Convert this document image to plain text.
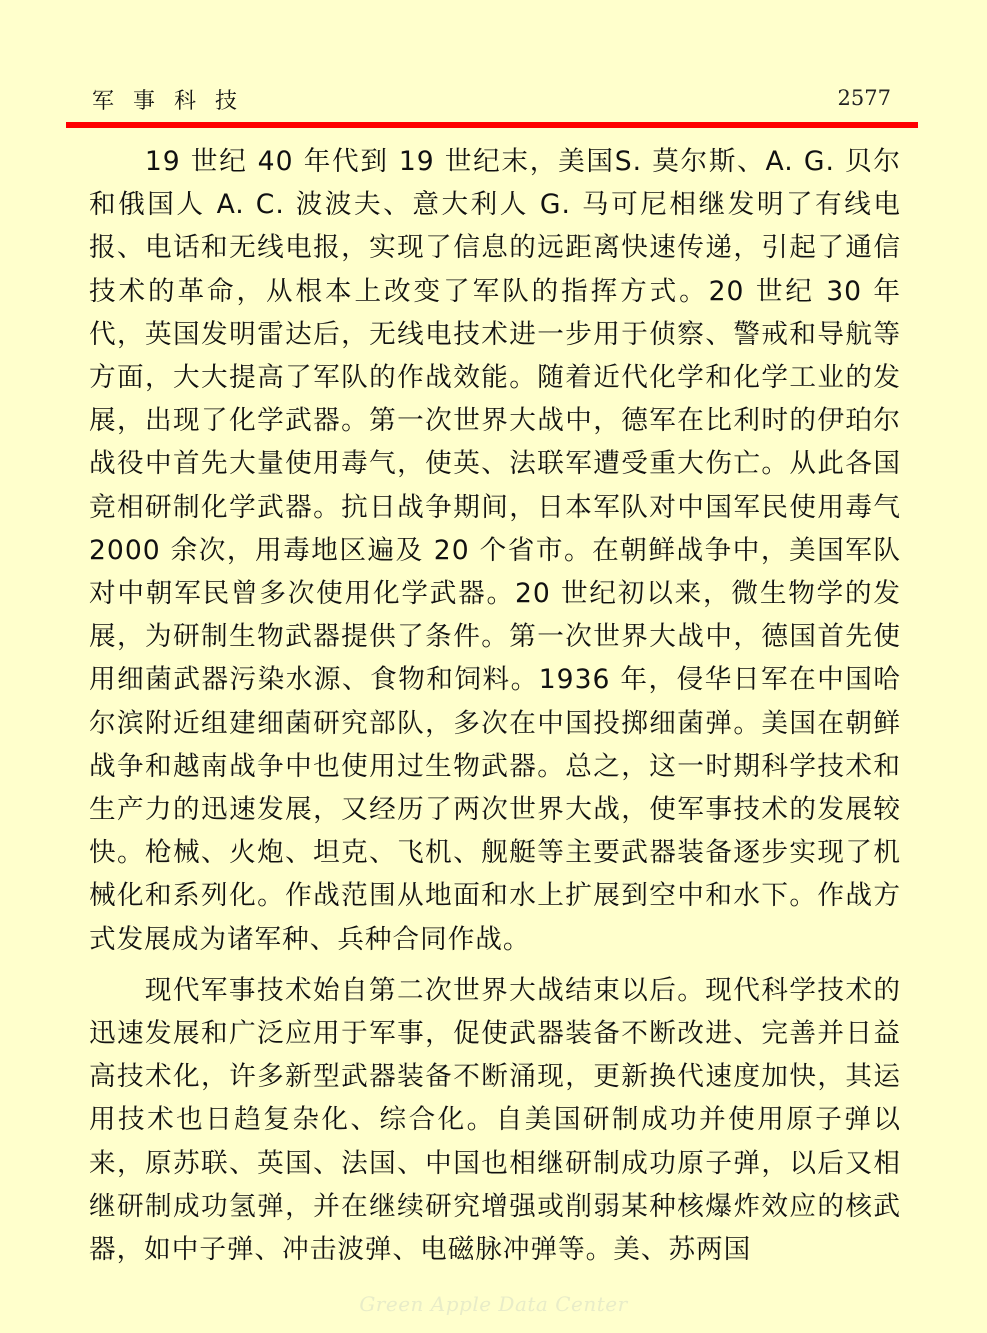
军事科技	2577

19 世纪 40 年代到 19 世纪末，美国S. 莫尔斯、A. G. 贝尔和俄国人 A. C. 波波夫、意大利人 G. 马可尼相继发明了有线电报、电话和无线电报，实现了信息的远距离快速传递，引起了通信技术的革命，从根本上改变了军队的指挥方式。20 世纪 30 年代，英国发明雷达后，无线电技术进一步用于侦察、警戒和导航等方面，大大提高了军队的作战效能。随着近代化学和化学工业的发展，出现了化学武器。第一次世界大战中，德军在比利时的伊珀尔战役中首先大量使用毒气，使英、法联军遭受重大伤亡。从此各国竞相研制化学武器。抗日战争期间，日本军队对中国军民使用毒气 2000 余次，用毒地区遍及 20 个省市。在朝鲜战争中，美国军队对中朝军民曾多次使用化学武器。20 世纪初以来，微生物学的发展，为研制生物武器提供了条件。第一次世界大战中，德国首先使用细菌武器污染水源、食物和饲料。1936 年，侵华日军在中国哈尔滨附近组建细菌研究部队，多次在中国投掷细菌弹。美国在朝鲜战争和越南战争中也使用过生物武器。总之，这一时期科学技术和生产力的迅速发展，又经历了两次世界大战，使军事技术的发展较快。枪械、火炮、坦克、飞机、舰艇等主要武器装备逐步实现了机械化和系列化。作战范围从地面和水上扩展到空中和水下。作战方式发展成为诸军种、兵种合同作战。

现代军事技术始自第二次世界大战结束以后。现代科学技术的迅速发展和广泛应用于军事，促使武器装备不断改进、完善并日益高技术化，许多新型武器装备不断涌现，更新换代速度加快，其运用技术也日趋复杂化、综合化。自美国研制成功并使用原子弹以来，原苏联、英国、法国、中国也相继研制成功原子弹，以后又相继研制成功氢弹，并在继续研究增强或削弱某种核爆炸效应的核武器，如中子弹、冲击波弹、电磁脉冲弹等。美、苏两国

Green Apple Data Center
